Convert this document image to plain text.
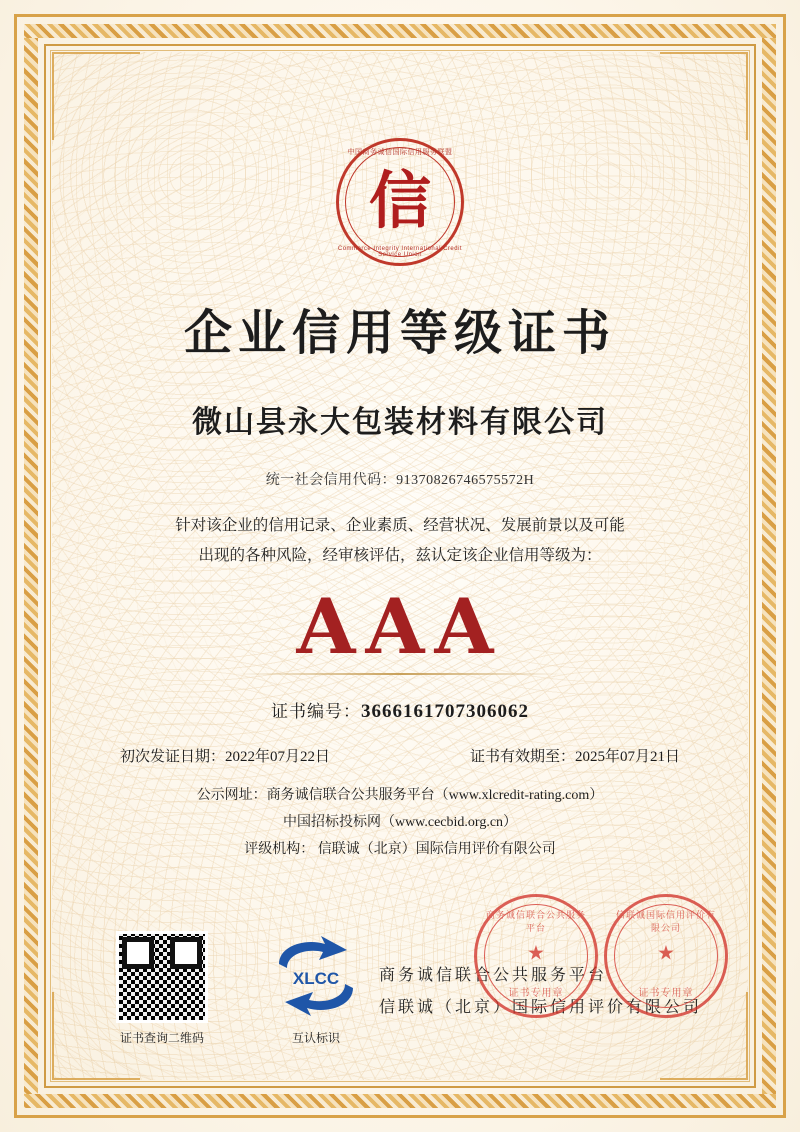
中国商务诚信国际信用服务联盟
信
Commerce Integrity International Credit Service Union
企业信用等级证书
微山县永大包装材料有限公司
统一社会信用代码：91370826746575572H
针对该企业的信用记录、企业素质、经营状况、发展前景以及可能
出现的各种风险，经审核评估，兹认定该企业信用等级为：
AAA
证书编号：3666161707306062
初次发证日期：2022年07月22日	证书有效期至：2025年07月21日
公示网址：商务诚信联合公共服务平台（www.xlcredit-rating.com）
中国招标投标网（www.cecbid.org.cn）
评级机构： 信联诚（北京）国际信用评价有限公司
证书查询二维码
XLCC
互认标识
商务诚信联合公共服务平台
信联诚（北京）国际信用评价有限公司
商务诚信联合公共服务平台
★
证书专用章
信联诚国际信用评价有限公司
★
证书专用章
